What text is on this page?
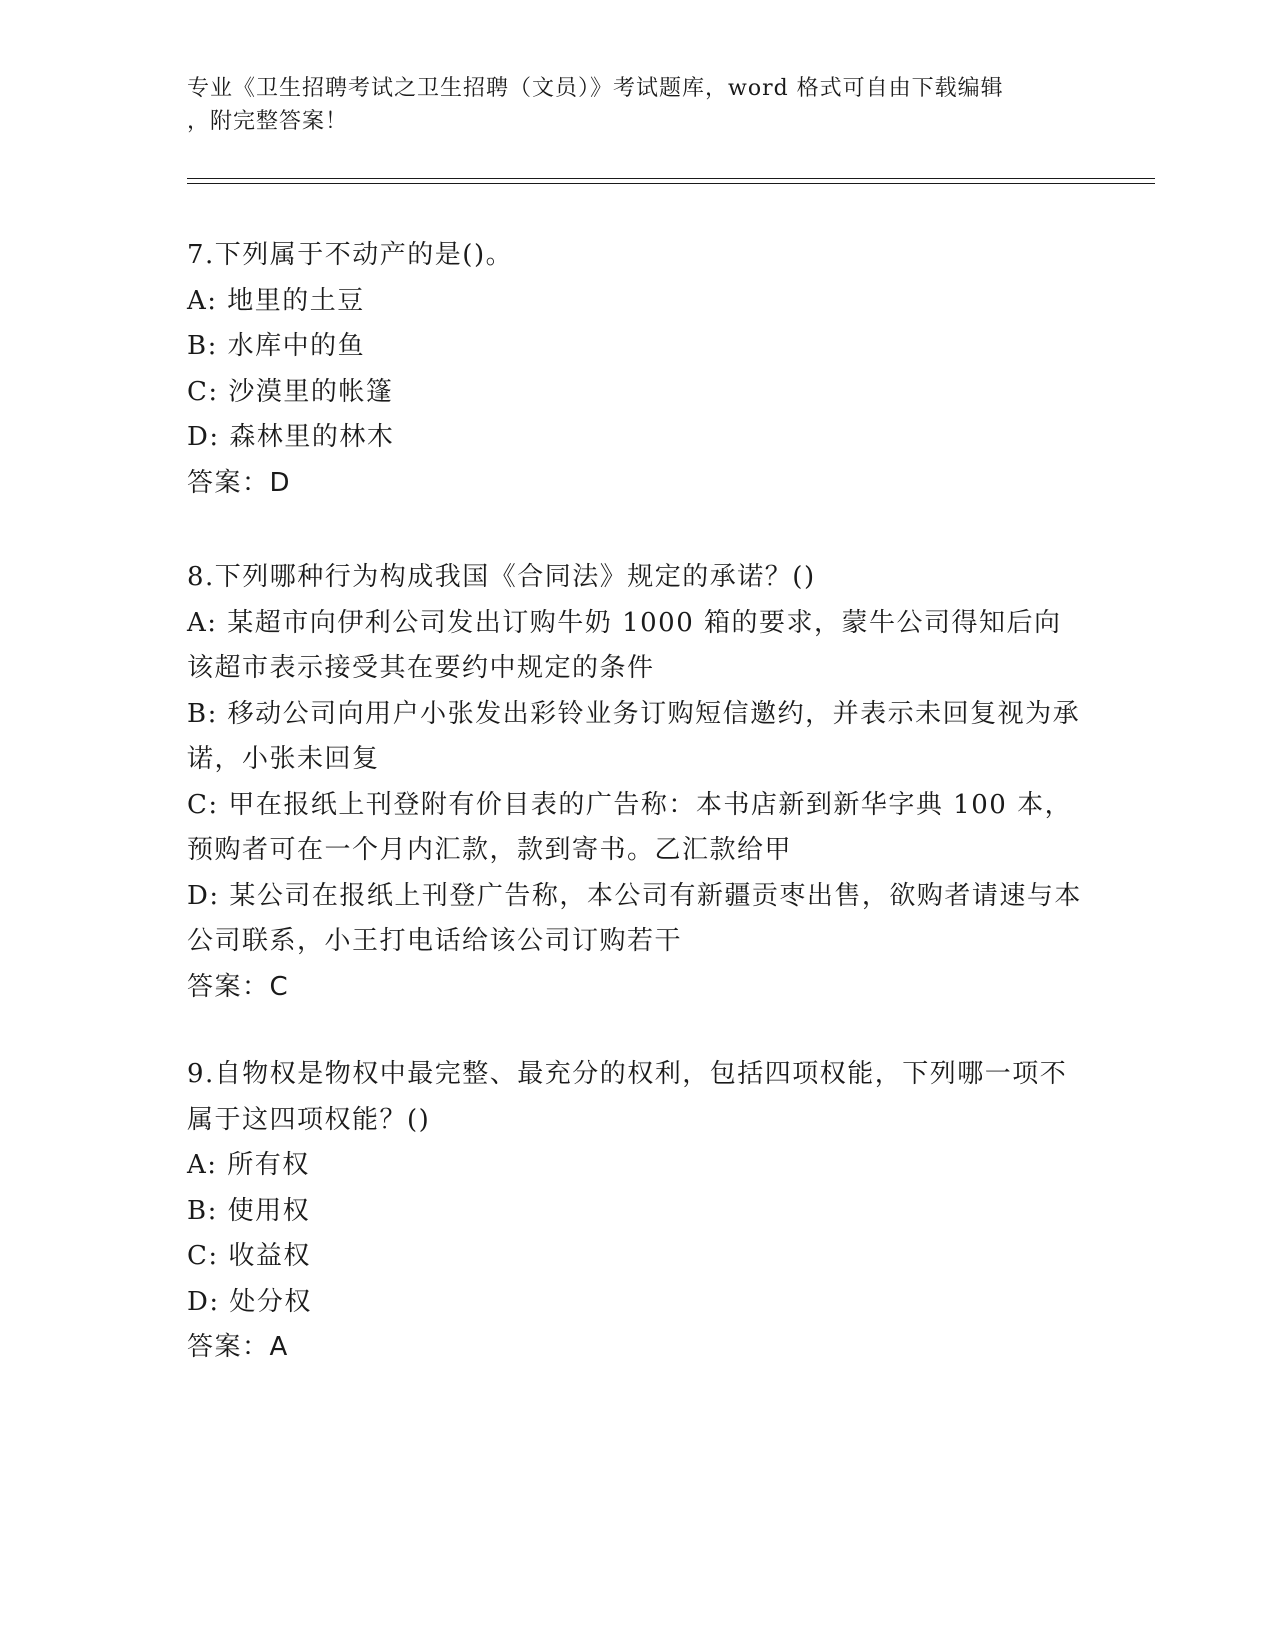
专业《卫生招聘考试之卫生招聘（文员）》考试题库，word 格式可自由下载编辑
，附完整答案！
7.下列属于不动产的是()。
A: 地里的土豆
B: 水库中的鱼
C: 沙漠里的帐篷
D: 森林里的林木
答案：D
8.下列哪种行为构成我国《合同法》规定的承诺？()
A: 某超市向伊利公司发出订购牛奶 1000 箱的要求，蒙牛公司得知后向该超市表示接受其在要约中规定的条件
B: 移动公司向用户小张发出彩铃业务订购短信邀约，并表示未回复视为承诺，小张未回复
C: 甲在报纸上刊登附有价目表的广告称：本书店新到新华字典 100 本，预购者可在一个月内汇款，款到寄书。乙汇款给甲
D: 某公司在报纸上刊登广告称，本公司有新疆贡枣出售，欲购者请速与本公司联系，小王打电话给该公司订购若干
答案：C
9.自物权是物权中最完整、最充分的权利，包括四项权能，下列哪一项不属于这四项权能？()
A: 所有权
B: 使用权
C: 收益权
D: 处分权
答案：A
